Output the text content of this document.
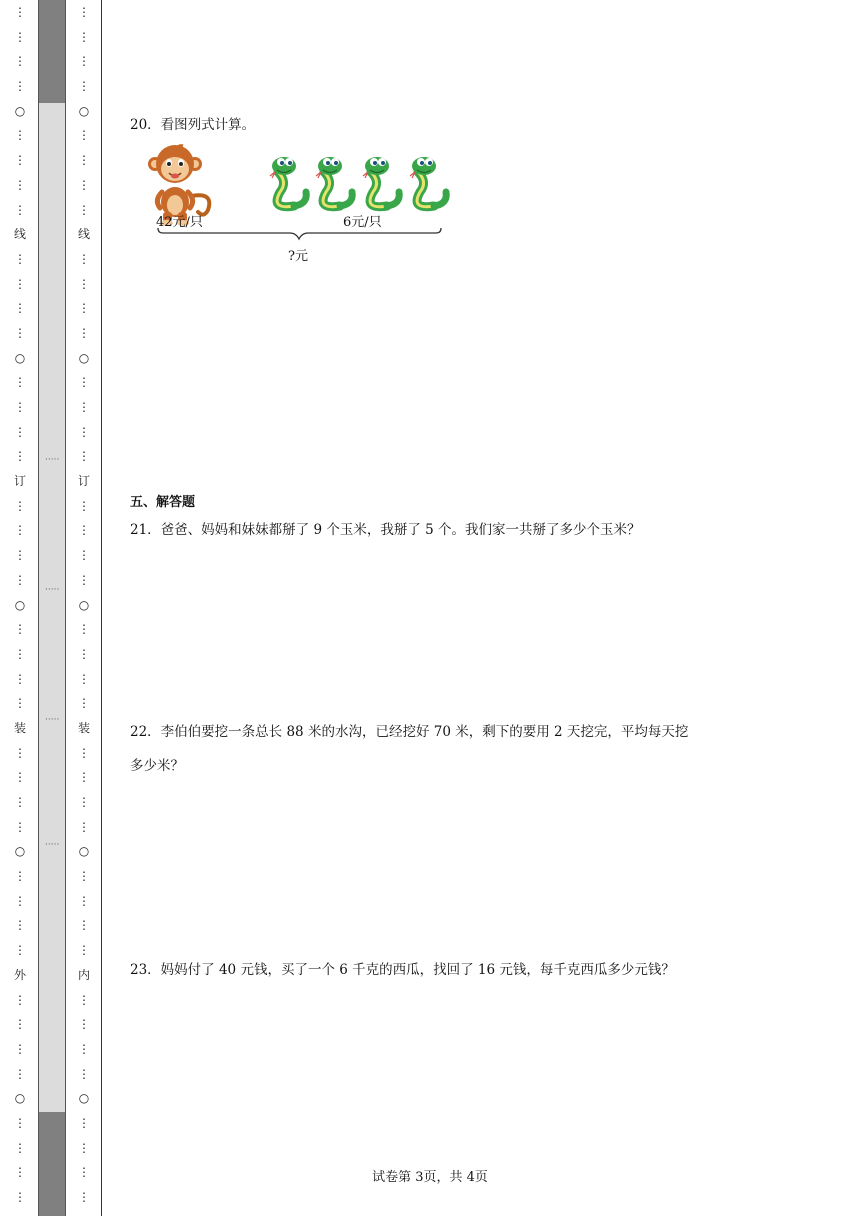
⋮
⋮
⋮
⋮
○
⋮
⋮
⋮
⋮
线
⋮
⋮
⋮
⋮
○
⋮
⋮
⋮
⋮
订
⋮
⋮
⋮
⋮
○
⋮
⋮
⋮
⋮
装
⋮
⋮
⋮
⋮
○
⋮
⋮
⋮
⋮
外
⋮
⋮
⋮
⋮
○
⋮
⋮
⋮
⋮
·····
·····
·····
·····
⋮
⋮
⋮
⋮
○
⋮
⋮
⋮
⋮
线
⋮
⋮
⋮
⋮
○
⋮
⋮
⋮
⋮
订
⋮
⋮
⋮
⋮
○
⋮
⋮
⋮
⋮
装
⋮
⋮
⋮
⋮
○
⋮
⋮
⋮
⋮
内
⋮
⋮
⋮
⋮
○
⋮
⋮
⋮
⋮
20．看图列式计算。
五、解答题
21．爸爸、妈妈和妹妹都掰了 9 个玉米，我掰了 5 个。我们家一共掰了多少个玉米？
22．李伯伯要挖一条总长 88 米的水沟，已经挖好 70 米，剩下的要用 2 天挖完，平均每天挖
多少米？
23．妈妈付了 40 元钱，买了一个 6 千克的西瓜，找回了 16 元钱，每千克西瓜多少元钱？
42元/只	6元/只
?元
试卷第 3页，共 4页
